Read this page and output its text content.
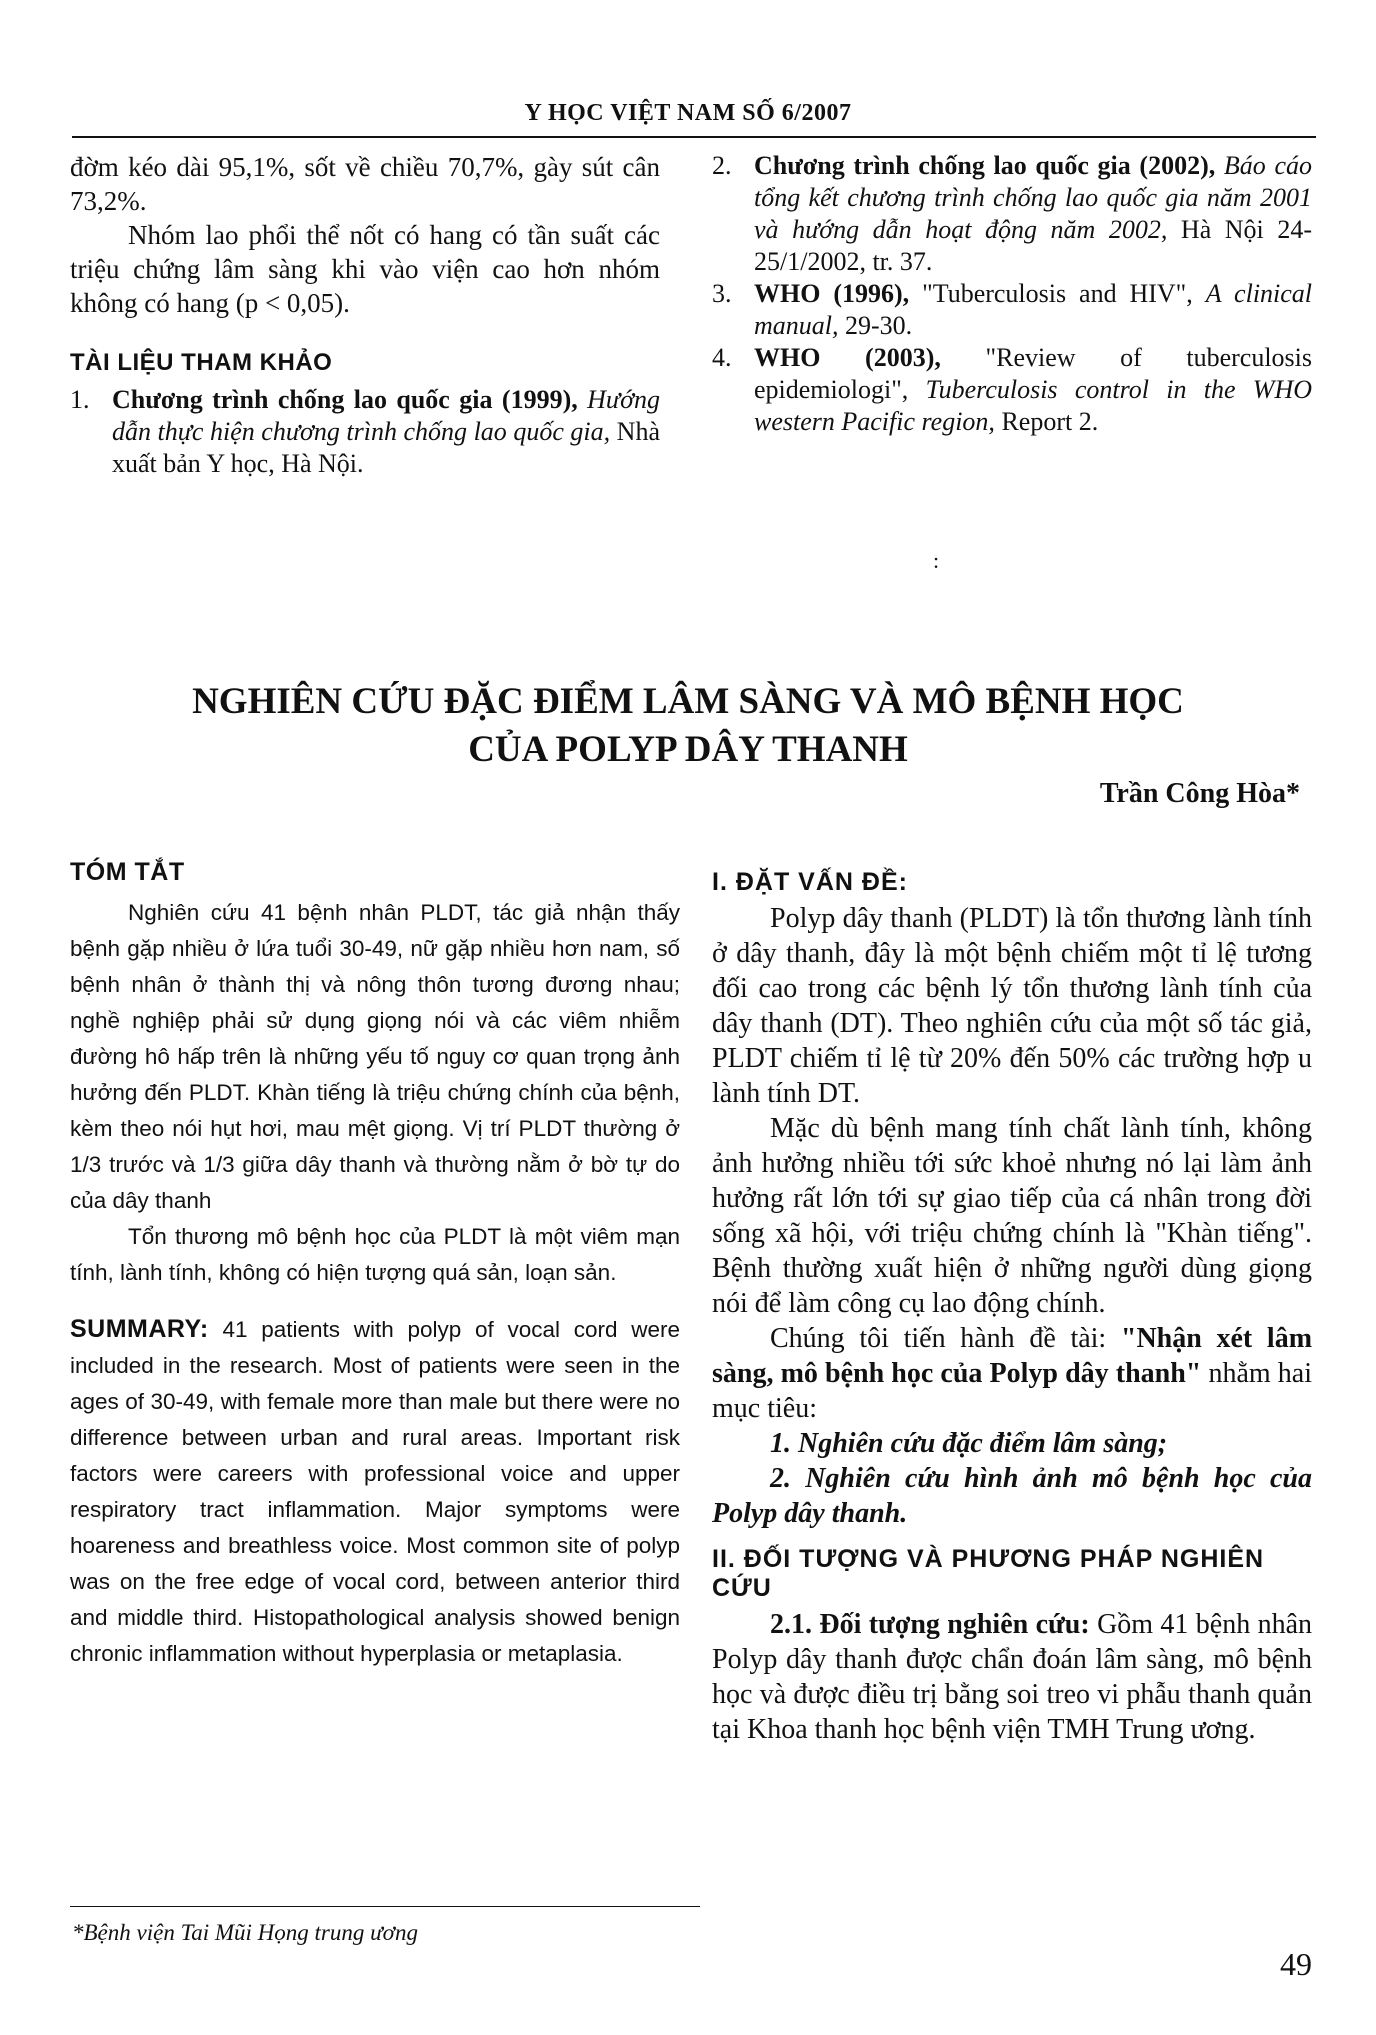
Y HỌC VIỆT NAM SỐ 6/2007

đờm kéo dài 95,1%, sốt về chiều 70,7%, gày sút cân 73,2%.

Nhóm lao phổi thể nốt có hang có tần suất các triệu chứng lâm sàng khi vào viện cao hơn nhóm không có hang (p < 0,05).

TÀI LIỆU THAM KHẢO
1. Chương trình chống lao quốc gia (1999), Hướng dẫn thực hiện chương trình chống lao quốc gia, Nhà xuất bản Y học, Hà Nội.
2. Chương trình chống lao quốc gia (2002), Báo cáo tổng kết chương trình chống lao quốc gia năm 2001 và hướng dẫn hoạt động năm 2002, Hà Nội 24-25/1/2002, tr. 37.
3. WHO (1996), "Tuberculosis and HIV", A clinical manual, 29-30.
4. WHO (2003), "Review of tuberculosis epidemiologi", Tuberculosis control in the WHO western Pacific region, Report 2.
:
NGHIÊN CỨU ĐẶC ĐIỂM LÂM SÀNG VÀ MÔ BỆNH HỌC
CỦA POLYP DÂY THANH
Trần Công Hòa*
TÓM TẮT

Nghiên cứu 41 bệnh nhân PLDT, tác giả nhận thấy bệnh gặp nhiều ở lứa tuổi 30-49, nữ gặp nhiều hơn nam, số bệnh nhân ở thành thị và nông thôn tương đương nhau; nghề nghiệp phải sử dụng giọng nói và các viêm nhiễm đường hô hấp trên là những yếu tố nguy cơ quan trọng ảnh hưởng đến PLDT. Khàn tiếng là triệu chứng chính của bệnh, kèm theo nói hụt hơi, mau mệt giọng. Vị trí PLDT thường ở 1/3 trước và 1/3 giữa dây thanh và thường nằm ở bờ tự do của dây thanh

Tổn thương mô bệnh học của PLDT là một viêm mạn tính, lành tính, không có hiện tượng quá sản, loạn sản.

SUMMARY: 41 patients with polyp of vocal cord were included in the research. Most of patients were seen in the ages of 30-49, with female more than male but there were no difference between urban and rural areas. Important risk factors were careers with professional voice and upper respiratory tract inflammation. Major symptoms were hoareness and breathless voice. Most common site of polyp was on the free edge of vocal cord, between anterior third and middle third. Histopathological analysis showed benign chronic inflammation without hyperplasia or metaplasia.

I. ĐẶT VẤN ĐỀ:

Polyp dây thanh (PLDT) là tổn thương lành tính ở dây thanh, đây là một bệnh chiếm một tỉ lệ tương đối cao trong các bệnh lý tổn thương lành tính của dây thanh (DT). Theo nghiên cứu của một số tác giả, PLDT chiếm tỉ lệ từ 20% đến 50% các trường hợp u lành tính DT.

Mặc dù bệnh mang tính chất lành tính, không ảnh hưởng nhiều tới sức khoẻ nhưng nó lại làm ảnh hưởng rất lớn tới sự giao tiếp của cá nhân trong đời sống xã hội, với triệu chứng chính là "Khàn tiếng". Bệnh thường xuất hiện ở những người dùng giọng nói để làm công cụ lao động chính.

Chúng tôi tiến hành đề tài: "Nhận xét lâm sàng, mô bệnh học của Polyp dây thanh" nhằm hai mục tiêu:

1. Nghiên cứu đặc điểm lâm sàng;

2. Nghiên cứu hình ảnh mô bệnh học của Polyp dây thanh.

II. ĐỐI TƯỢNG VÀ PHƯƠNG PHÁP NGHIÊN CỨU

2.1. Đối tượng nghiên cứu: Gồm 41 bệnh nhân Polyp dây thanh được chẩn đoán lâm sàng, mô bệnh học và được điều trị bằng soi treo vi phẫu thanh quản tại Khoa thanh học bệnh viện TMH Trung ương.

*Bệnh viện Tai Mũi Họng trung ương
49
